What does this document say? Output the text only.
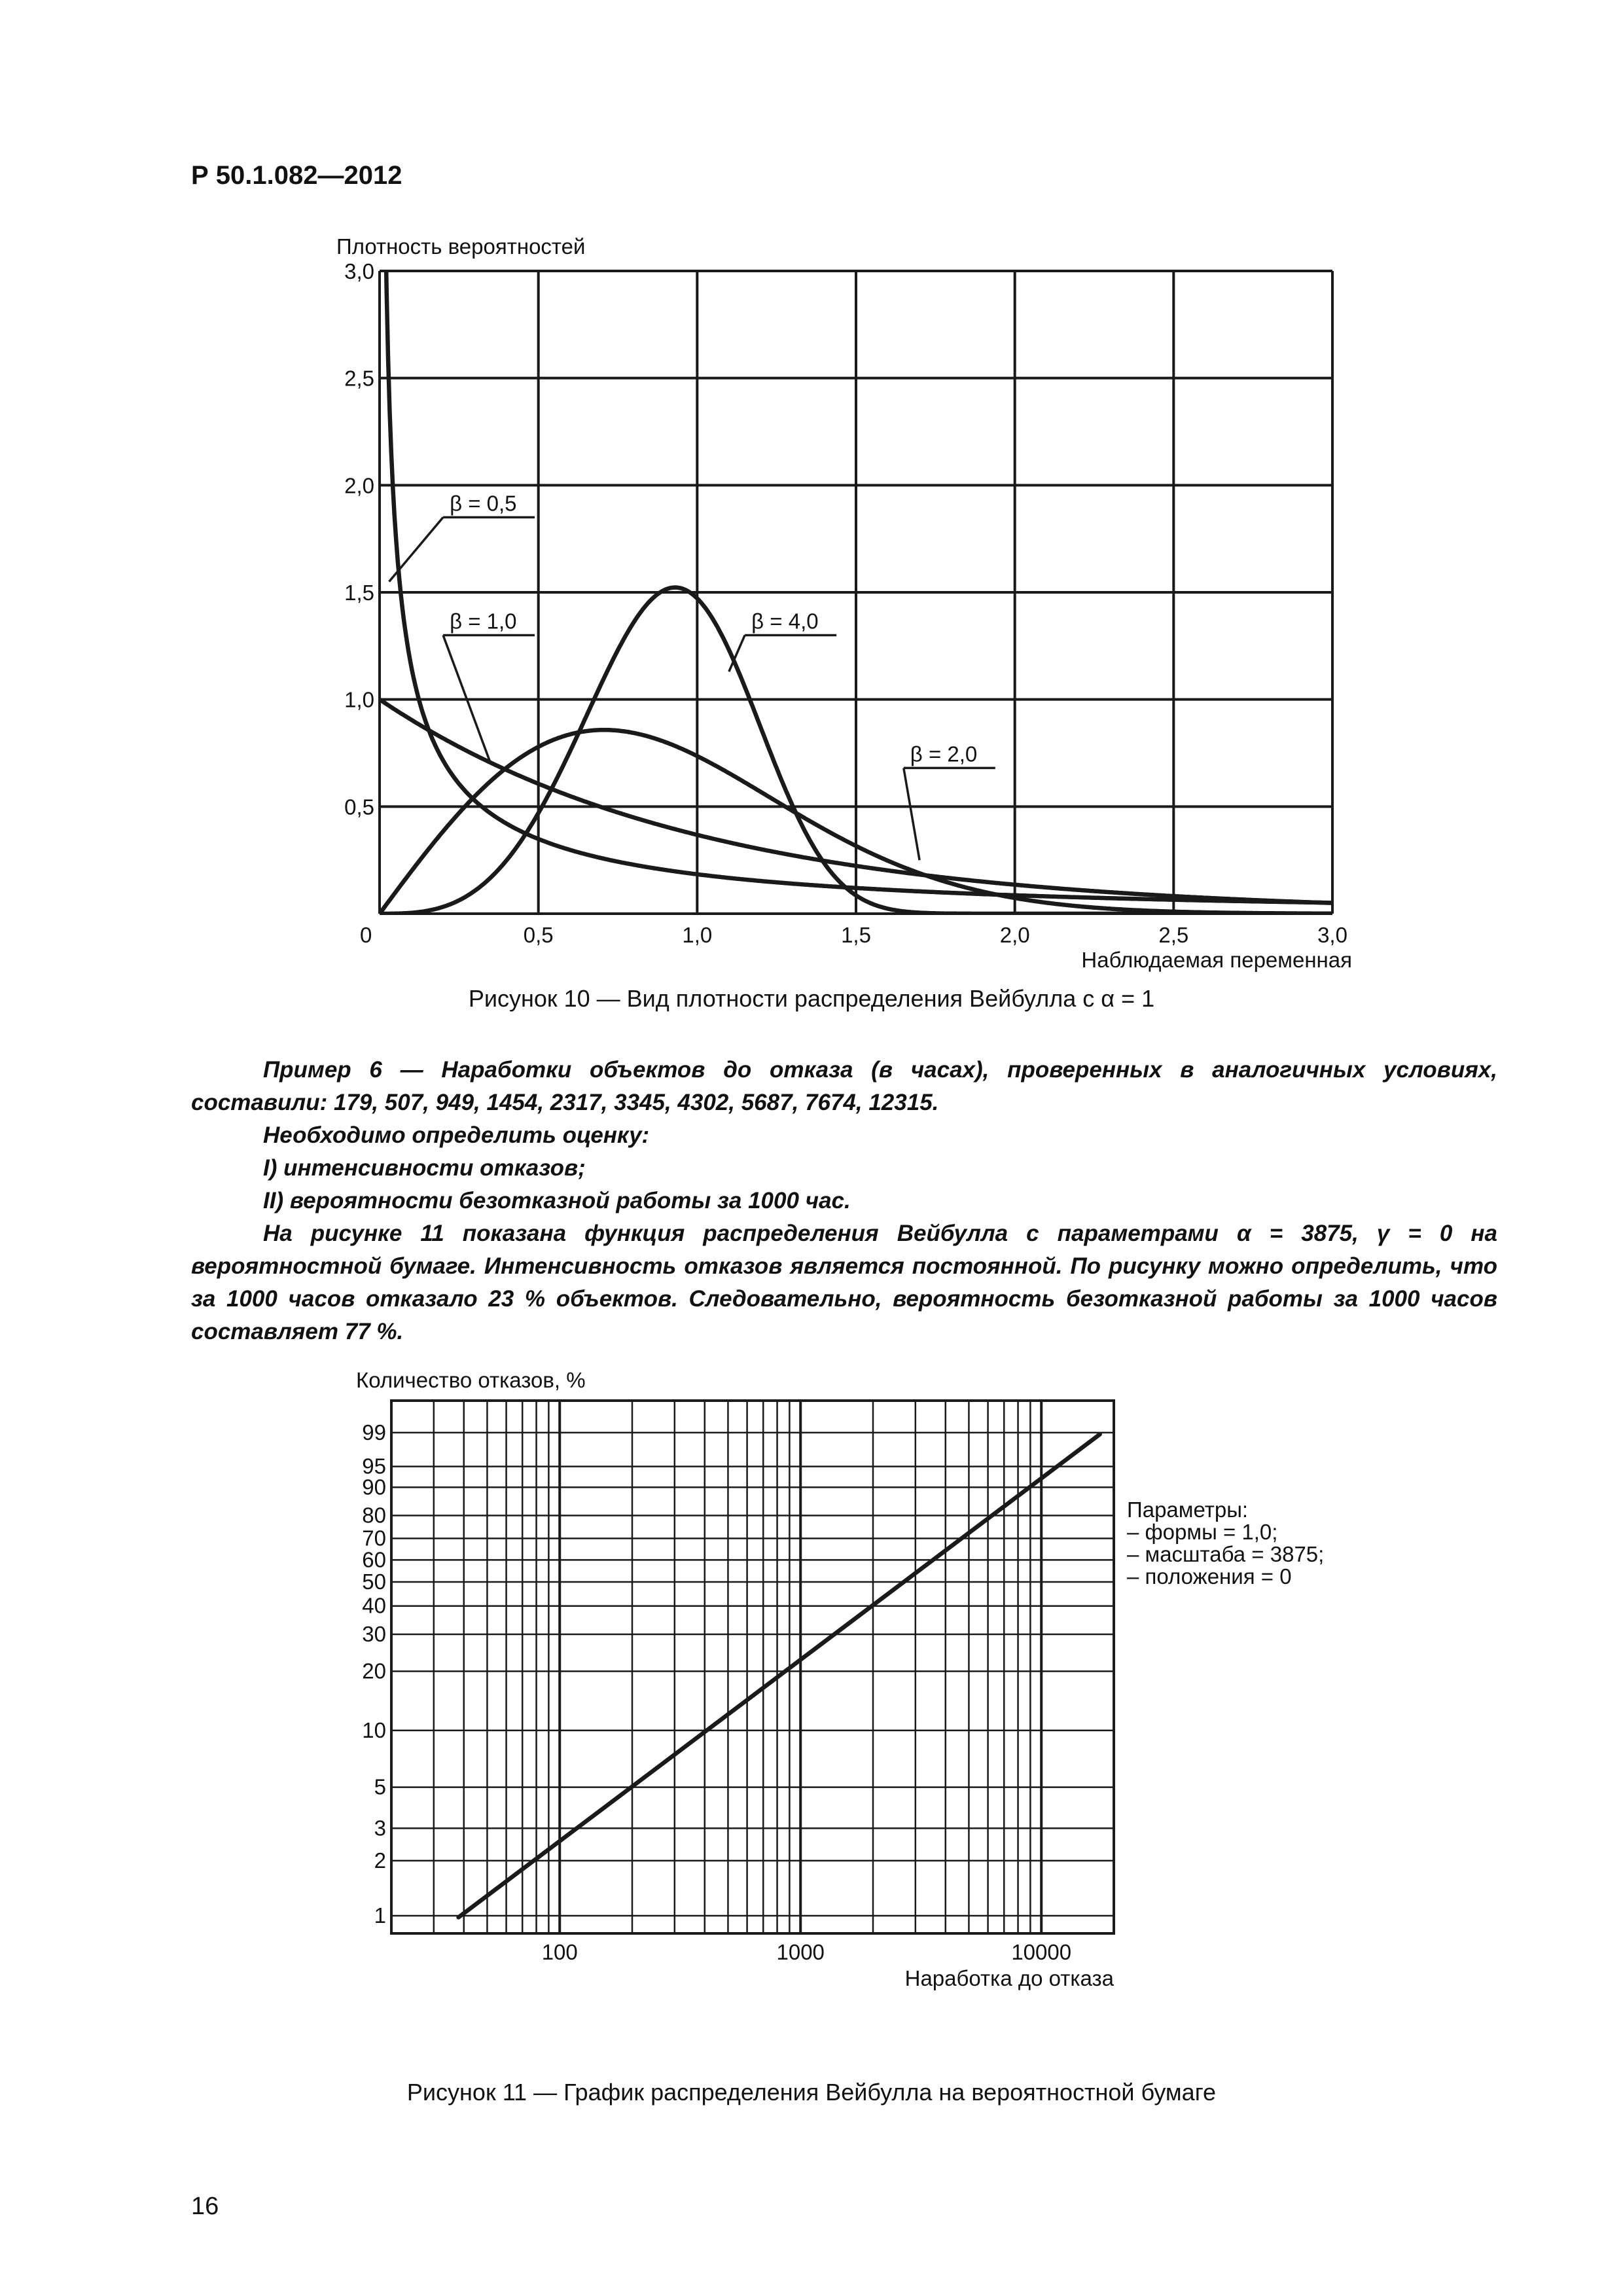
Р 50.1.082—2012
0	0,5	1,0	1,5	2,0	2,5	3,0
0,5
1,0
1,5
2,0
2,5
3,0
Плотность вероятностей
Наблюдаемая переменная
β = 0,5
β = 1,0
β = 2,0
β = 4,0
Рисунок 10 — Вид плотности распределения Вейбулла с α = 1

Пример 6 — Наработки объектов до отказа (в часах), проверенных в аналогичных условиях, составили: 179, 507, 949, 1454, 2317, 3345, 4302, 5687, 7674, 12315.

Необходимо определить оценку:

I) интенсивности отказов;

II) вероятности безотказной работы за 1000 час.

На рисунке 11 показана функция распределения Вейбулла с параметрами α = 3875, γ = 0 на вероятностной бумаге. Интенсивность отказов является постоянной. По рисунку можно определить, что за 1000 часов отказало 23 % объектов. Следовательно, вероятность безотказной работы за 1000 часов составляет 77 %.

1
2
3
5
10
20
30
40
50
60
70
80
90
95
99
100	1000	10000
Количество отказов, %
Наработка до отказа
Параметры:
– формы = 1,0;
– масштаба = 3875;
– положения = 0
Рисунок 11 — График распределения Вейбулла на вероятностной бумаге
16
